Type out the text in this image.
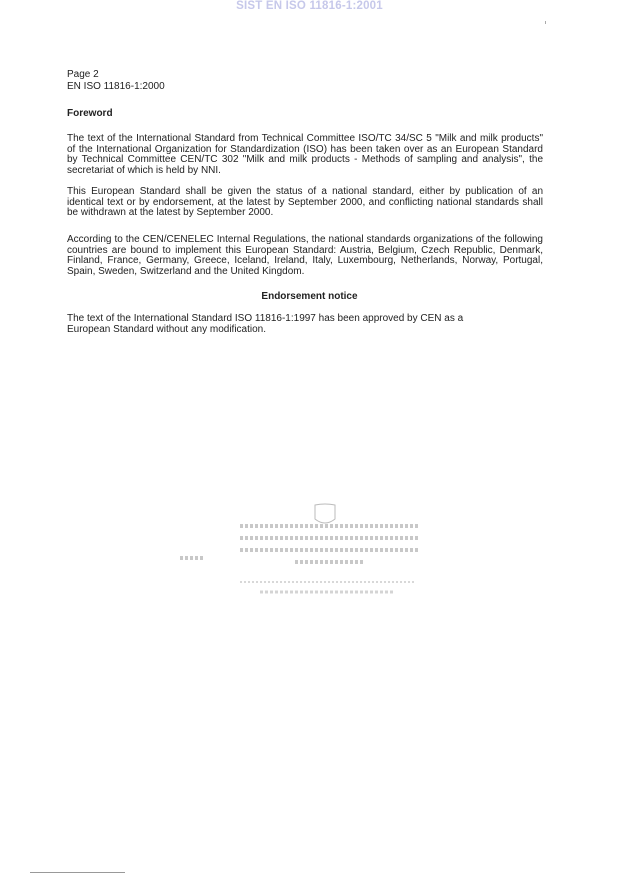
SIST EN ISO 11816-1:2001
Page 2
EN ISO 11816-1:2000
Foreword
The text of the International Standard from Technical Committee ISO/TC 34/SC 5 "Milk and milk products" of the International Organization for Standardization (ISO) has been taken over as an European Standard by Technical Committee CEN/TC 302 "Milk and milk products - Methods of sampling and analysis", the secretariat of which is held by NNI.
This European Standard shall be given the status of a national standard, either by publication of an identical text or by endorsement, at the latest by September 2000, and conflicting national standards shall be withdrawn at the latest by September 2000.
According to the CEN/CENELEC Internal Regulations, the national standards organizations of the following countries are bound to implement this European Standard: Austria, Belgium, Czech Republic, Denmark, Finland, France, Germany, Greece, Iceland, Ireland, Italy, Luxembourg, Netherlands, Norway, Portugal, Spain, Sweden, Switzerland and the United Kingdom.
Endorsement notice
The text of the International Standard ISO 11816-1:1997 has been approved by CEN as a European Standard without any modification.
